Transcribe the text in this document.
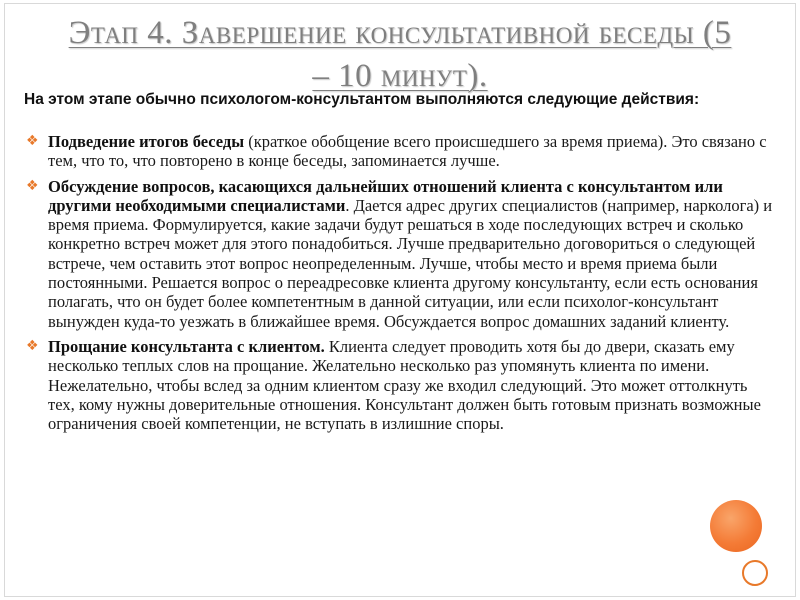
Этап 4. Завершение консультативной беседы (5 – 10 минут).
На этом этапе обычно психологом-консультантом выполняются следующие действия:
❖ Подведение итогов беседы (краткое обобщение всего происшедшего за время приема). Это связано с тем, что то, что повторено в конце беседы, запоминается лучше.
❖ Обсуждение вопросов, касающихся дальнейших отношений клиента с консультантом или другими необходимыми специалистами. Дается адрес других специалистов (например, нарколога) и время приема. Формулируется, какие задачи будут решаться в ходе последующих встреч и сколько конкретно встреч может для этого понадобиться. Лучше предварительно договориться о следующей встрече, чем оставить этот вопрос неопределенным. Лучше, чтобы место и время приема были постоянными. Решается вопрос о переадресовке клиента другому консультанту, если есть основания полагать, что он будет более компетентным в данной ситуации, или если психолог-консультант вынужден куда-то уезжать в ближайшее время. Обсуждается вопрос домашних заданий клиенту.
❖ Прощание консультанта с клиентом. Клиента следует проводить хотя бы до двери, сказать ему несколько теплых слов на прощание. Желательно несколько раз упомянуть клиента по имени. Нежелательно, чтобы вслед за одним клиентом сразу же входил следующий. Это может оттолкнуть тех, кому нужны доверительные отношения. Консультант должен быть готовым признать возможные ограничения своей компетенции, не вступать в излишние споры.
